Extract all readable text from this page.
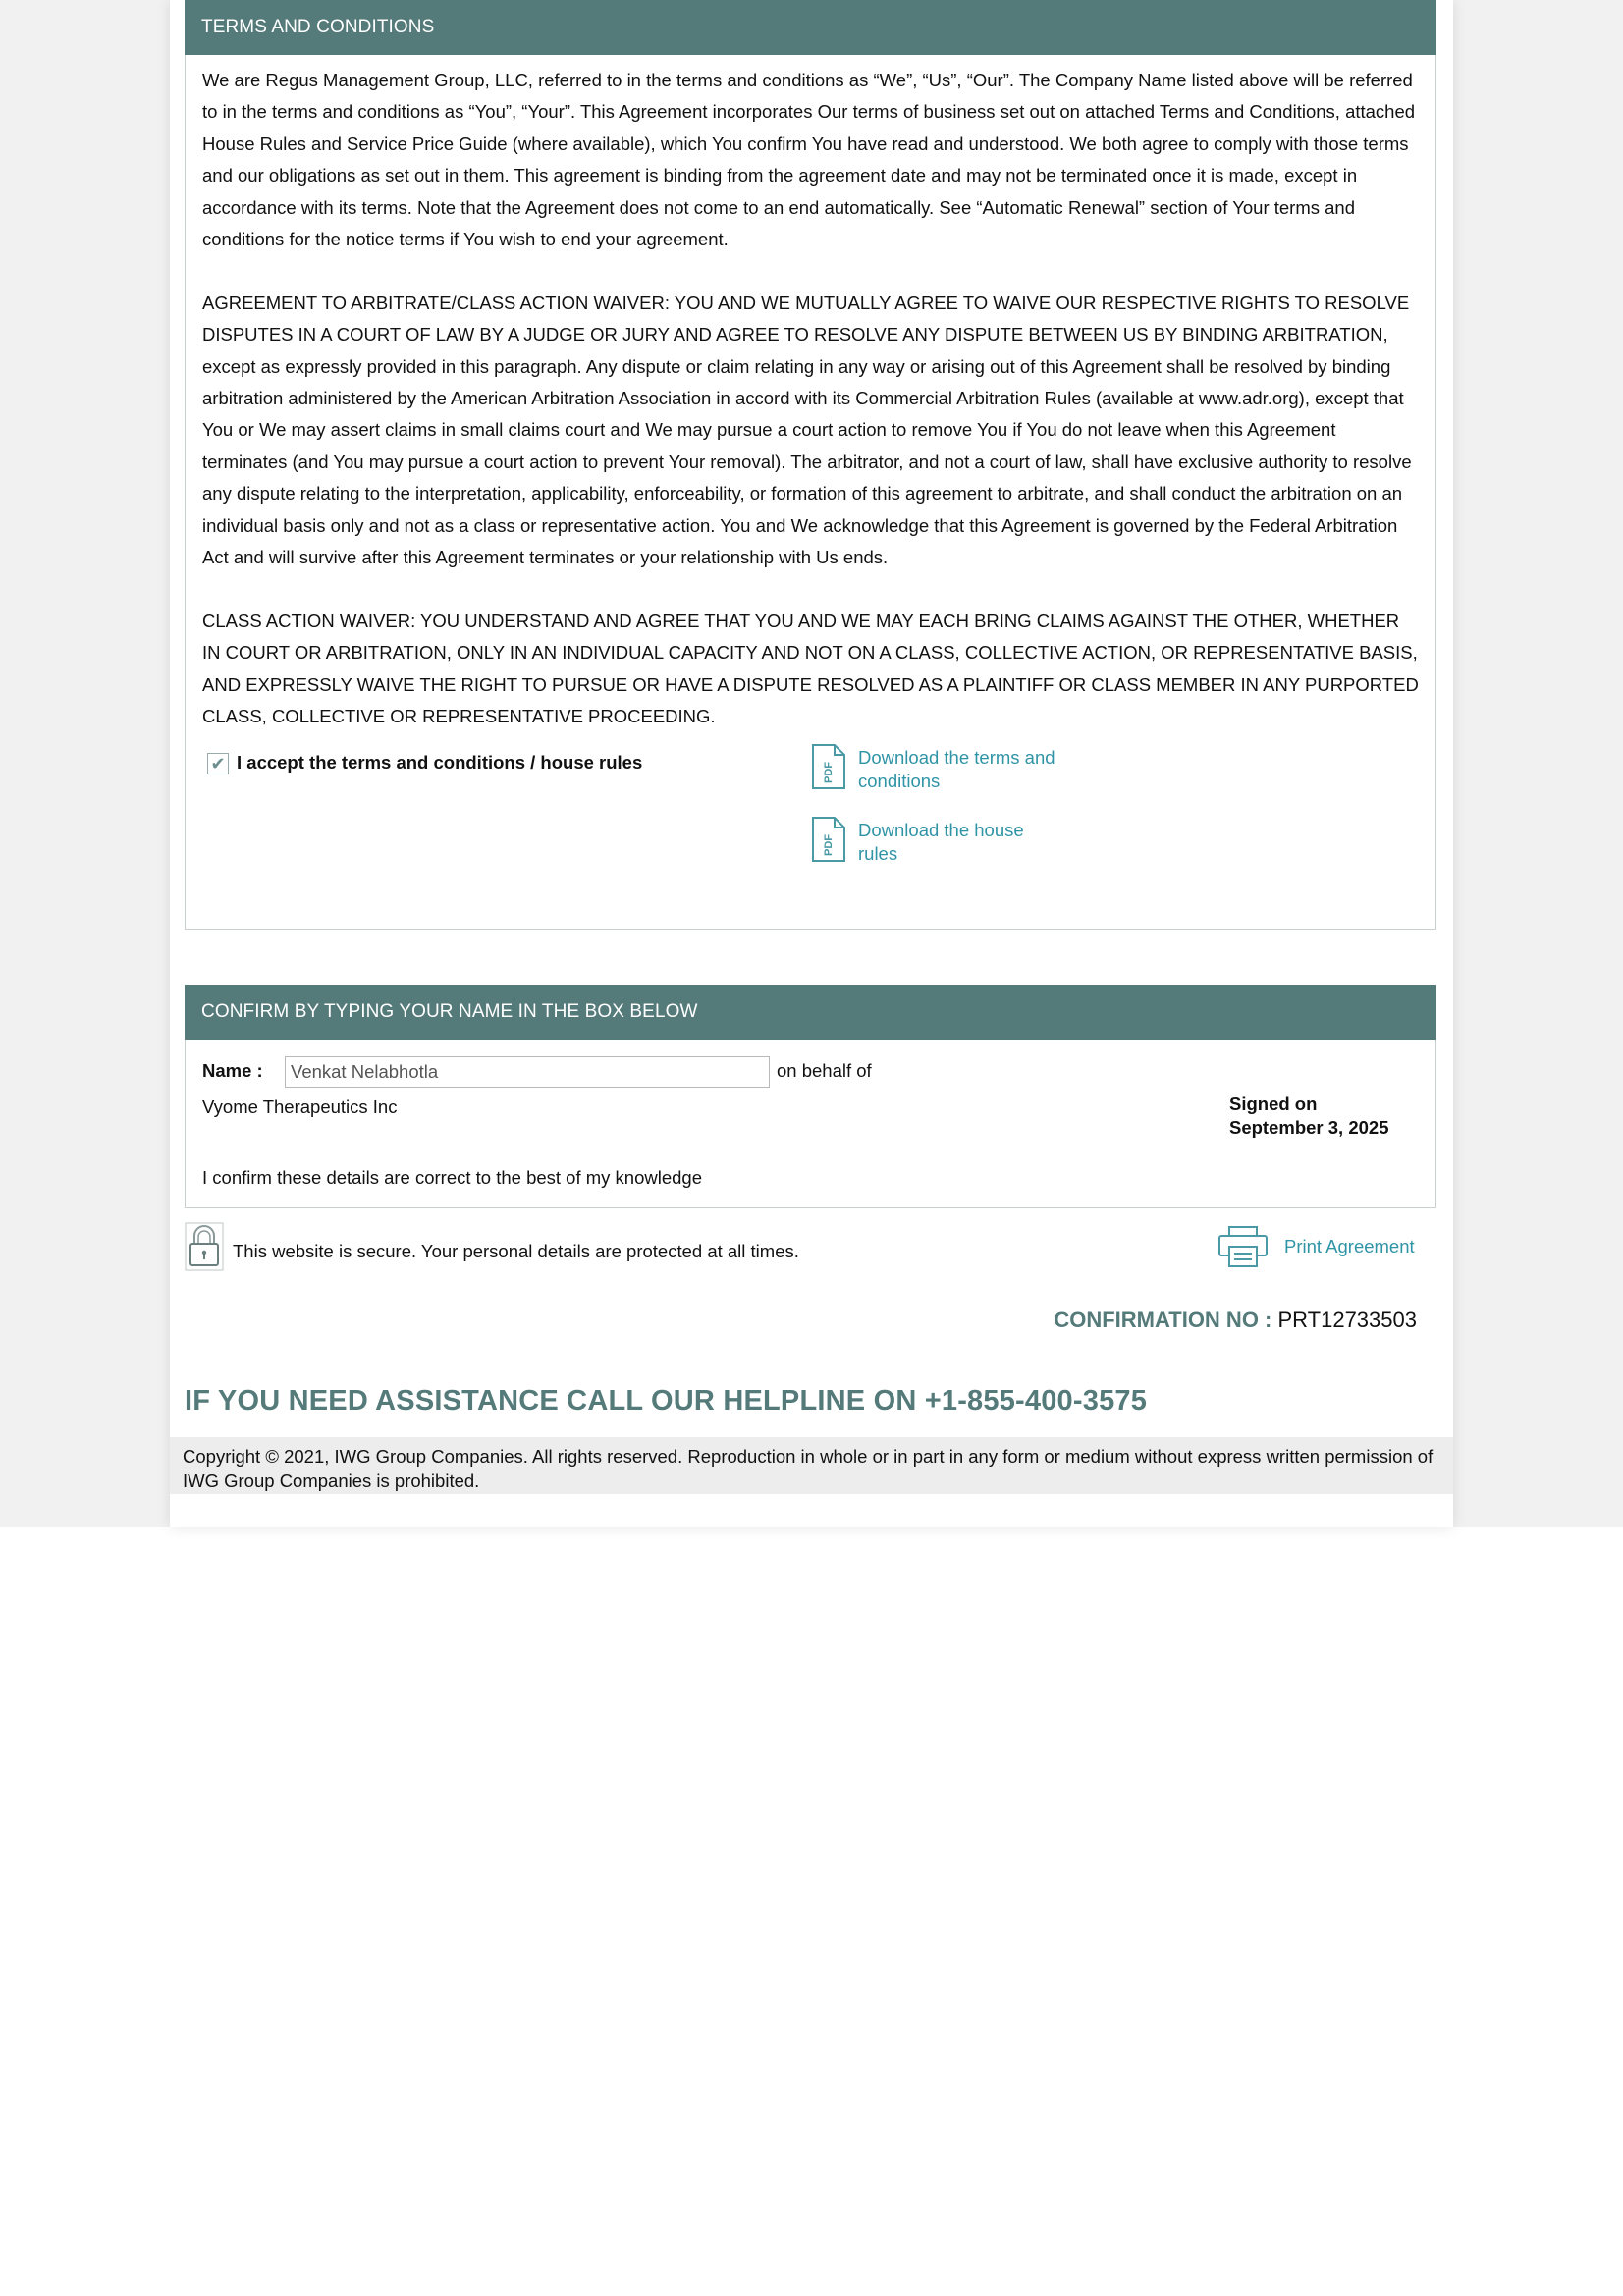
TERMS AND CONDITIONS

We are Regus Management Group, LLC, referred to in the terms and conditions as “We”, “Us”, “Our”. The Company Name listed above will be referred to in the terms and conditions as “You”, “Your”. This Agreement incorporates Our terms of business set out on attached Terms and Conditions, attached House Rules and Service Price Guide (where available), which You confirm You have read and understood. We both agree to comply with those terms and our obligations as set out in them. This agreement is binding from the agreement date and may not be terminated once it is made, except in accordance with its terms. Note that the Agreement does not come to an end automatically. See “Automatic Renewal” section of Your terms and conditions for the notice terms if You wish to end your agreement.

AGREEMENT TO ARBITRATE/CLASS ACTION WAIVER: YOU AND WE MUTUALLY AGREE TO WAIVE OUR RESPECTIVE RIGHTS TO RESOLVE DISPUTES IN A COURT OF LAW BY A JUDGE OR JURY AND AGREE TO RESOLVE ANY DISPUTE BETWEEN US BY BINDING ARBITRATION, except as expressly provided in this paragraph. Any dispute or claim relating in any way or arising out of this Agreement shall be resolved by binding arbitration administered by the American Arbitration Association in accord with its Commercial Arbitration Rules (available at www.adr.org), except that You or We may assert claims in small claims court and We may pursue a court action to remove You if You do not leave when this Agreement terminates (and You may pursue a court action to prevent Your removal). The arbitrator, and not a court of law, shall have exclusive authority to resolve any dispute relating to the interpretation, applicability, enforceability, or formation of this agreement to arbitrate, and shall conduct the arbitration on an individual basis only and not as a class or representative action. You and We acknowledge that this Agreement is governed by the Federal Arbitration Act and will survive after this Agreement terminates or your relationship with Us ends.

CLASS ACTION WAIVER: YOU UNDERSTAND AND AGREE THAT YOU AND WE MAY EACH BRING CLAIMS AGAINST THE OTHER, WHETHER IN COURT OR ARBITRATION, ONLY IN AN INDIVIDUAL CAPACITY AND NOT ON A CLASS, COLLECTIVE ACTION, OR REPRESENTATIVE BASIS, AND EXPRESSLY WAIVE THE RIGHT TO PURSUE OR HAVE A DISPUTE RESOLVED AS A PLAINTIFF OR CLASS MEMBER IN ANY PURPORTED CLASS, COLLECTIVE OR REPRESENTATIVE PROCEEDING.

✔ I accept the terms and conditions / house rules	PDF
Download the terms and conditions
PDF
Download the house rules
CONFIRM BY TYPING YOUR NAME IN THE BOX BELOW
Name :
Venkat Nelabhotla	on behalf of
Vyome Therapeutics Inc	Signed on
September 3, 2025
I confirm these details are correct to the best of my knowledge
This website is secure. Your personal details are protected at all times.	Print Agreement
CONFIRMATION NO : PRT12733503
IF YOU NEED ASSISTANCE CALL OUR HELPLINE ON +1-855-400-3575
Copyright © 2021, IWG Group Companies. All rights reserved. Reproduction in whole or in part in any form or medium without express written permission of IWG Group Companies is prohibited.
